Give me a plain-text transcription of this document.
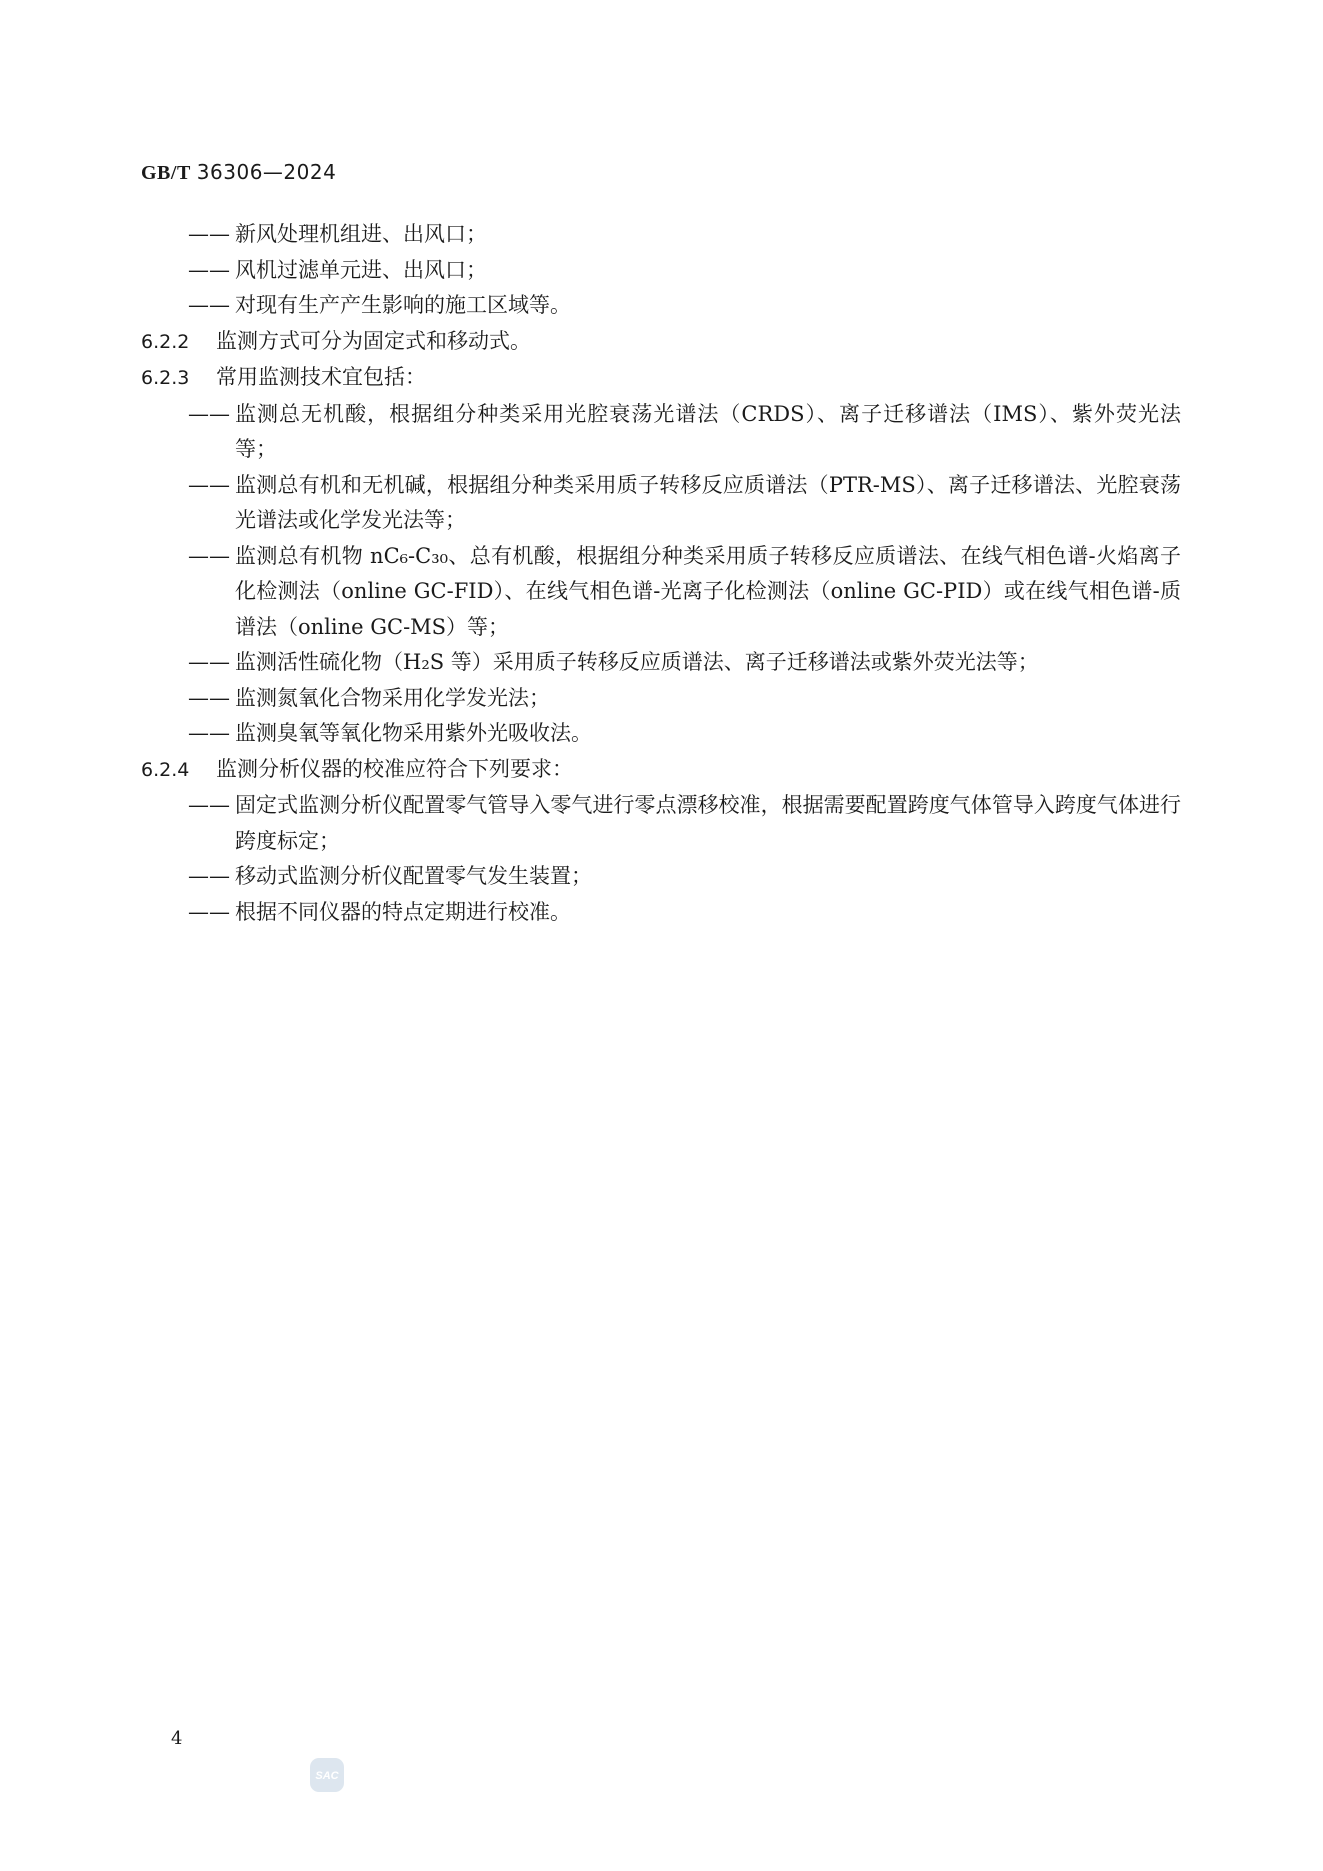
GB/T 36306—2024
—— 新风处理机组进、出风口；
—— 风机过滤单元进、出风口；
—— 对现有生产产生影响的施工区域等。
6.2.2 监测方式可分为固定式和移动式。
6.2.3 常用监测技术宜包括：
—— 监测总无机酸，根据组分种类采用光腔衰荡光谱法（CRDS）、离子迁移谱法（IMS）、紫外荧光法等；
—— 监测总有机和无机碱，根据组分种类采用质子转移反应质谱法（PTR-MS）、离子迁移谱法、光腔衰荡光谱法或化学发光法等；
—— 监测总有机物 nC₆-C₃₀、总有机酸，根据组分种类采用质子转移反应质谱法、在线气相色谱-火焰离子化检测法（online GC-FID）、在线气相色谱-光离子化检测法（online GC-PID）或在线气相色谱-质谱法（online GC-MS）等；
—— 监测活性硫化物（H₂S 等）采用质子转移反应质谱法、离子迁移谱法或紫外荧光法等；
—— 监测氮氧化合物采用化学发光法；
—— 监测臭氧等氧化物采用紫外光吸收法。
6.2.4 监测分析仪器的校准应符合下列要求：
—— 固定式监测分析仪配置零气管导入零气进行零点漂移校准，根据需要配置跨度气体管导入跨度气体进行跨度标定；
—— 移动式监测分析仪配置零气发生装置；
—— 根据不同仪器的特点定期进行校准。
4
SAC
